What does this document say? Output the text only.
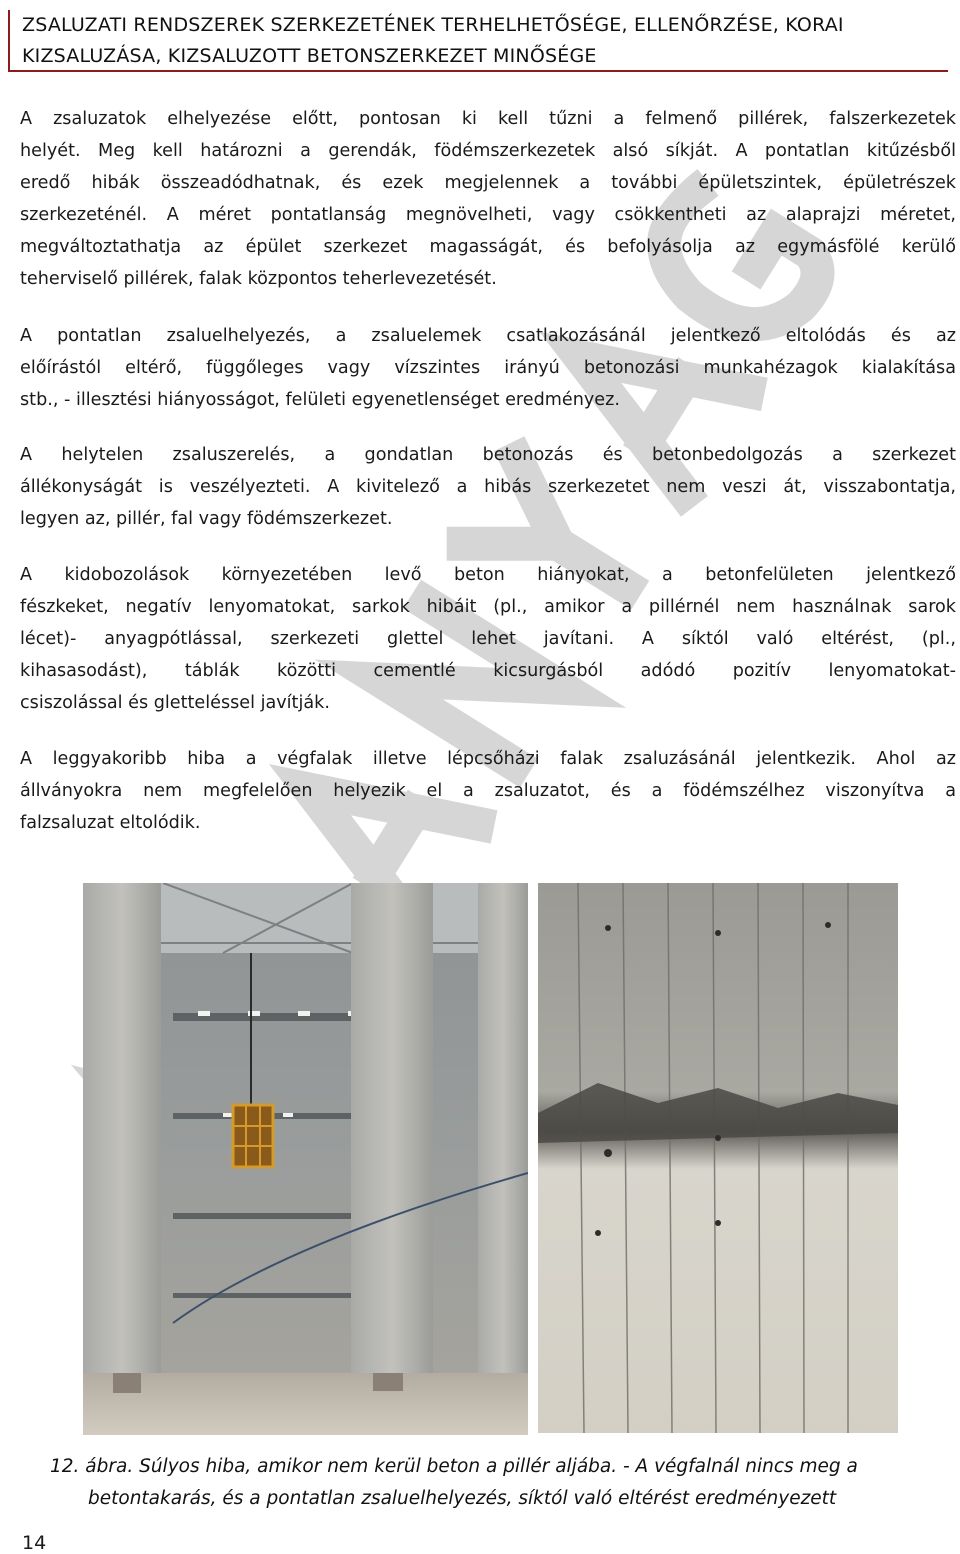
ZSALUZATI RENDSZEREK SZERKEZETÉNEK TERHELHETŐSÉGE, ELLENŐRZÉSE, KORAI
KIZSALUZÁSA, KIZSALUZOTT BETONSZERKEZET MINŐSÉGE

A zsaluzatok elhelyezése előtt, pontosan ki kell tűzni a felmenő pillérek, falszerkezetek
helyét. Meg kell határozni a gerendák, födémszerkezetek alsó síkját. A pontatlan kitűzésből
eredő hibák összeadódhatnak, és ezek megjelennek a további épületszintek, épületrészek
szerkezeténél. A méret pontatlanság megnövelheti, vagy csökkentheti az alaprajzi méretet,
megváltoztathatja az épület szerkezet magasságát, és befolyásolja az egymásfölé kerülő
teherviselő pillérek, falak központos teherlevezetését.

A pontatlan zsaluelhelyezés, a zsaluelemek csatlakozásánál jelentkező eltolódás és az
előírástól eltérő, függőleges vagy vízszintes irányú betonozási munkahézagok kialakítása
stb., - illesztési hiányosságot, felületi egyenetlenséget eredményez.

A helytelen zsaluszerelés, a gondatlan betonozás és betonbedolgozás a szerkezet
állékonyságát is veszélyezteti. A kivitelező a hibás szerkezetet nem veszi át, visszabontatja,
legyen az, pillér, fal vagy födémszerkezet.

A kidobozolások környezetében levő beton hiányokat, a betonfelületen jelentkező
fészkeket, negatív lenyomatokat, sarkok hibáit (pl., amikor a pillérnél nem használnak sarok
lécet)- anyagpótlással, szerkezeti glettel lehet javítani. A síktól való eltérést, (pl.,
kihasasodást), táblák közötti cementlé kicsurgásból adódó pozitív lenyomatokat-
csiszolással és gletteléssel javítják.

A leggyakoribb hiba a végfalak illetve lépcsőházi falak zsaluzásánál jelentkezik. Ahol az
állványokra nem megfelelően helyezik el a zsaluzatot, és a födémszélhez viszonyítva a
falzsaluzat eltolódik.

12. ábra. Súlyos hiba, amikor nem kerül beton a pillér aljába. - A végfalnál nincs meg a
betontakarás, és a pontatlan zsaluelhelyezés, síktól való eltérést eredményezett
14
